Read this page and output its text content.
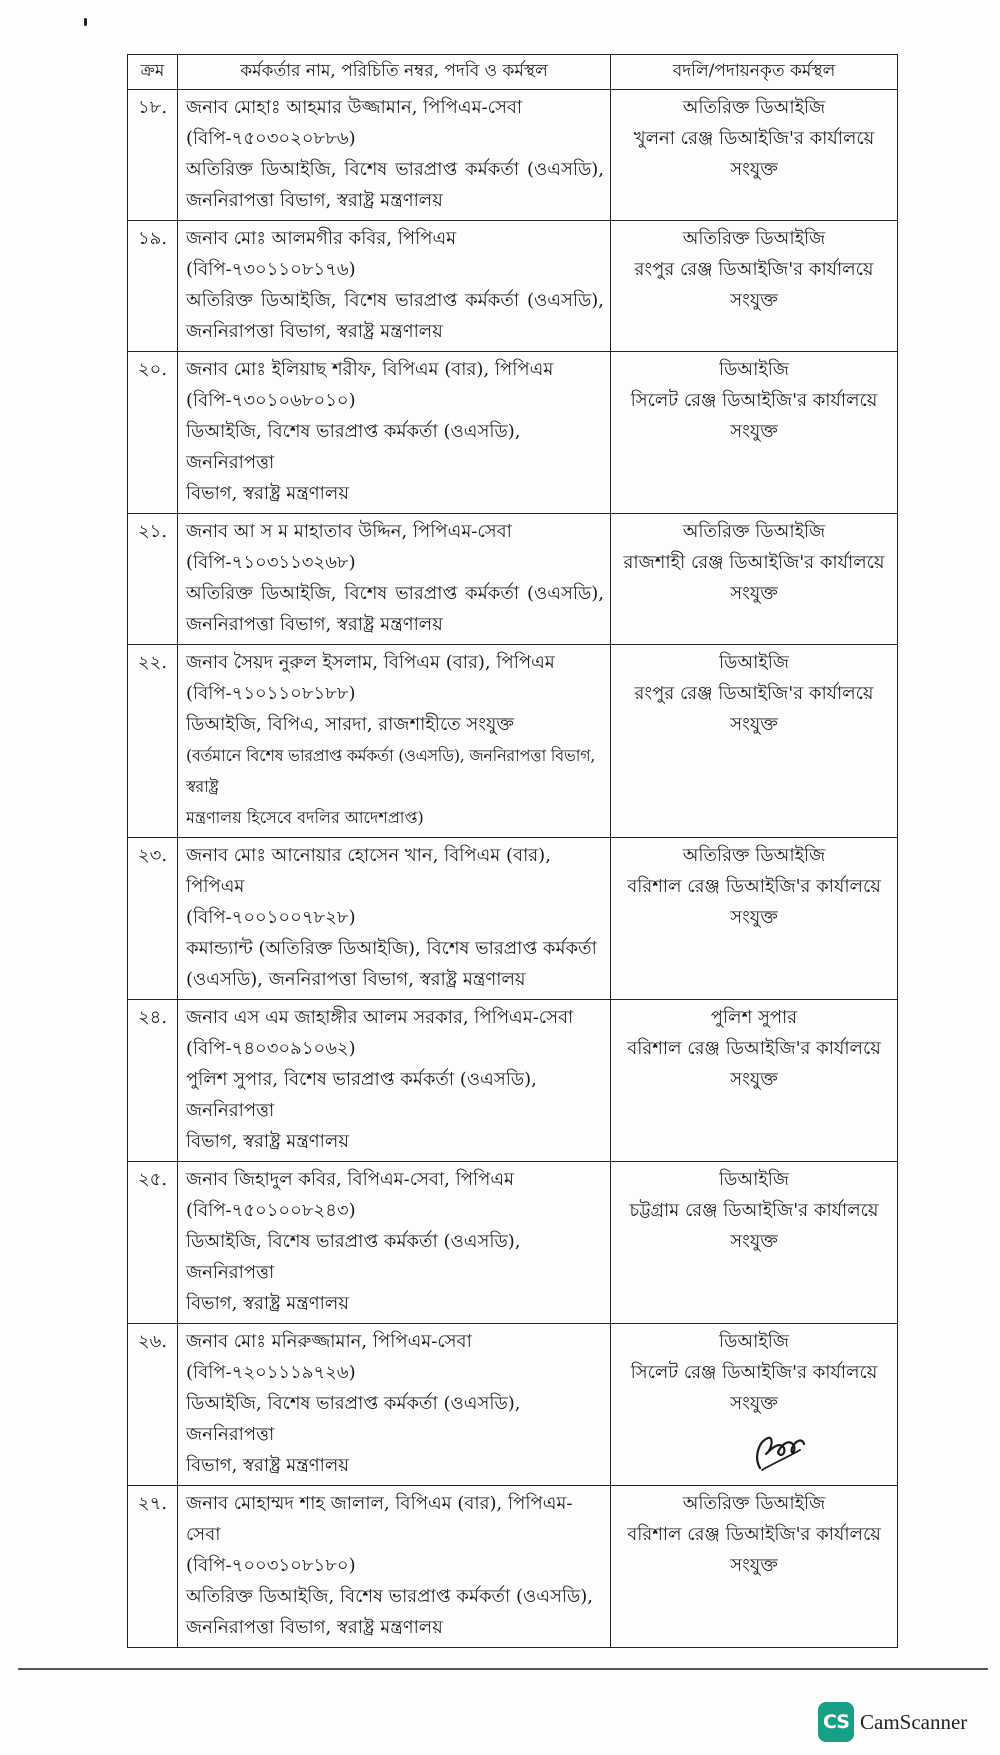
ক্রম	কর্মকর্তার নাম, পরিচিতি নম্বর, পদবি ও কর্মস্থল	বদলি/পদায়নকৃত কর্মস্থল
১৮.	জনাব মোহাঃ আহমার উজ্জামান, পিপিএম-সেবা
(বিপি-৭৫০৩০২০৮৮৬)
অতিরিক্ত ডিআইজি, বিশেষ ভারপ্রাপ্ত কর্মকর্তা (ওএসডি),
জননিরাপত্তা বিভাগ, স্বরাষ্ট্র মন্ত্রণালয়	অতিরিক্ত ডিআইজি
খুলনা রেঞ্জ ডিআইজি'র কার্যালয়ে সংযুক্ত

১৯.	জনাব মোঃ আলমগীর কবির, পিপিএম
(বিপি-৭৩০১১০৮১৭৬)
অতিরিক্ত ডিআইজি, বিশেষ ভারপ্রাপ্ত কর্মকর্তা (ওএসডি),
জননিরাপত্তা বিভাগ, স্বরাষ্ট্র মন্ত্রণালয়	অতিরিক্ত ডিআইজি
রংপুর রেঞ্জ ডিআইজি'র কার্যালয়ে সংযুক্ত

২০.	জনাব মোঃ ইলিয়াছ শরীফ, বিপিএম (বার), পিপিএম
(বিপি-৭৩০১০৬৮০১০)
ডিআইজি, বিশেষ ভারপ্রাপ্ত কর্মকর্তা (ওএসডি), জননিরাপত্তা
বিভাগ, স্বরাষ্ট্র মন্ত্রণালয়	ডিআইজি
সিলেট রেঞ্জ ডিআইজি'র কার্যালয়ে সংযুক্ত

২১.	জনাব আ স ম মাহাতাব উদ্দিন, পিপিএম-সেবা
(বিপি-৭১০৩১১৩২৬৮)
অতিরিক্ত ডিআইজি, বিশেষ ভারপ্রাপ্ত কর্মকর্তা (ওএসডি),
জননিরাপত্তা বিভাগ, স্বরাষ্ট্র মন্ত্রণালয়	অতিরিক্ত ডিআইজি
রাজশাহী রেঞ্জ ডিআইজি'র কার্যালয়ে
সংযুক্ত

২২.	জনাব সৈয়দ নুরুল ইসলাম, বিপিএম (বার), পিপিএম
(বিপি-৭১০১১০৮১৮৮)
ডিআইজি, বিপিএ, সারদা, রাজশাহীতে সংযুক্ত
(বর্তমানে বিশেষ ভারপ্রাপ্ত কর্মকর্তা (ওএসডি), জননিরাপত্তা বিভাগ, স্বরাষ্ট্র
মন্ত্রণালয় হিসেবে বদলির আদেশপ্রাপ্ত)	ডিআইজি
রংপুর রেঞ্জ ডিআইজি'র কার্যালয়ে সংযুক্ত

২৩.	জনাব মোঃ আনোয়ার হোসেন খান, বিপিএম (বার), পিপিএম
(বিপি-৭০০১০০৭৮২৮)
কমান্ড্যান্ট (অতিরিক্ত ডিআইজি), বিশেষ ভারপ্রাপ্ত কর্মকর্তা
(ওএসডি), জননিরাপত্তা বিভাগ, স্বরাষ্ট্র মন্ত্রণালয়	অতিরিক্ত ডিআইজি
বরিশাল রেঞ্জ ডিআইজি'র কার্যালয়ে
সংযুক্ত

২৪.	জনাব এস এম জাহাঙ্গীর আলম সরকার, পিপিএম-সেবা
(বিপি-৭৪০৩০৯১০৬২)
পুলিশ সুপার, বিশেষ ভারপ্রাপ্ত কর্মকর্তা (ওএসডি), জননিরাপত্তা
বিভাগ, স্বরাষ্ট্র মন্ত্রণালয়	পুলিশ সুপার
বরিশাল রেঞ্জ ডিআইজি'র কার্যালয়ে
সংযুক্ত

২৫.	জনাব জিহাদুল কবির, বিপিএম-সেবা, পিপিএম
(বিপি-৭৫০১০০৮২৪৩)
ডিআইজি, বিশেষ ভারপ্রাপ্ত কর্মকর্তা (ওএসডি), জননিরাপত্তা
বিভাগ, স্বরাষ্ট্র মন্ত্রণালয়	ডিআইজি
চট্টগ্রাম রেঞ্জ ডিআইজি'র কার্যালয়ে সংযুক্ত

২৬.	জনাব মোঃ মনিরুজ্জামান, পিপিএম-সেবা
(বিপি-৭২০১১১৯৭২৬)
ডিআইজি, বিশেষ ভারপ্রাপ্ত কর্মকর্তা (ওএসডি), জননিরাপত্তা
বিভাগ, স্বরাষ্ট্র মন্ত্রণালয়	ডিআইজি
সিলেট রেঞ্জ ডিআইজি'র কার্যালয়ে সংযুক্ত

২৭.	জনাব মোহাম্মদ শাহ জালাল, বিপিএম (বার), পিপিএম-সেবা
(বিপি-৭০০৩১০৮১৮০)
অতিরিক্ত ডিআইজি, বিশেষ ভারপ্রাপ্ত কর্মকর্তা (ওএসডি),
জননিরাপত্তা বিভাগ, স্বরাষ্ট্র মন্ত্রণালয়	অতিরিক্ত ডিআইজি
বরিশাল রেঞ্জ ডিআইজি'র কার্যালয়ে
সংযুক্ত
CS CamScanner
